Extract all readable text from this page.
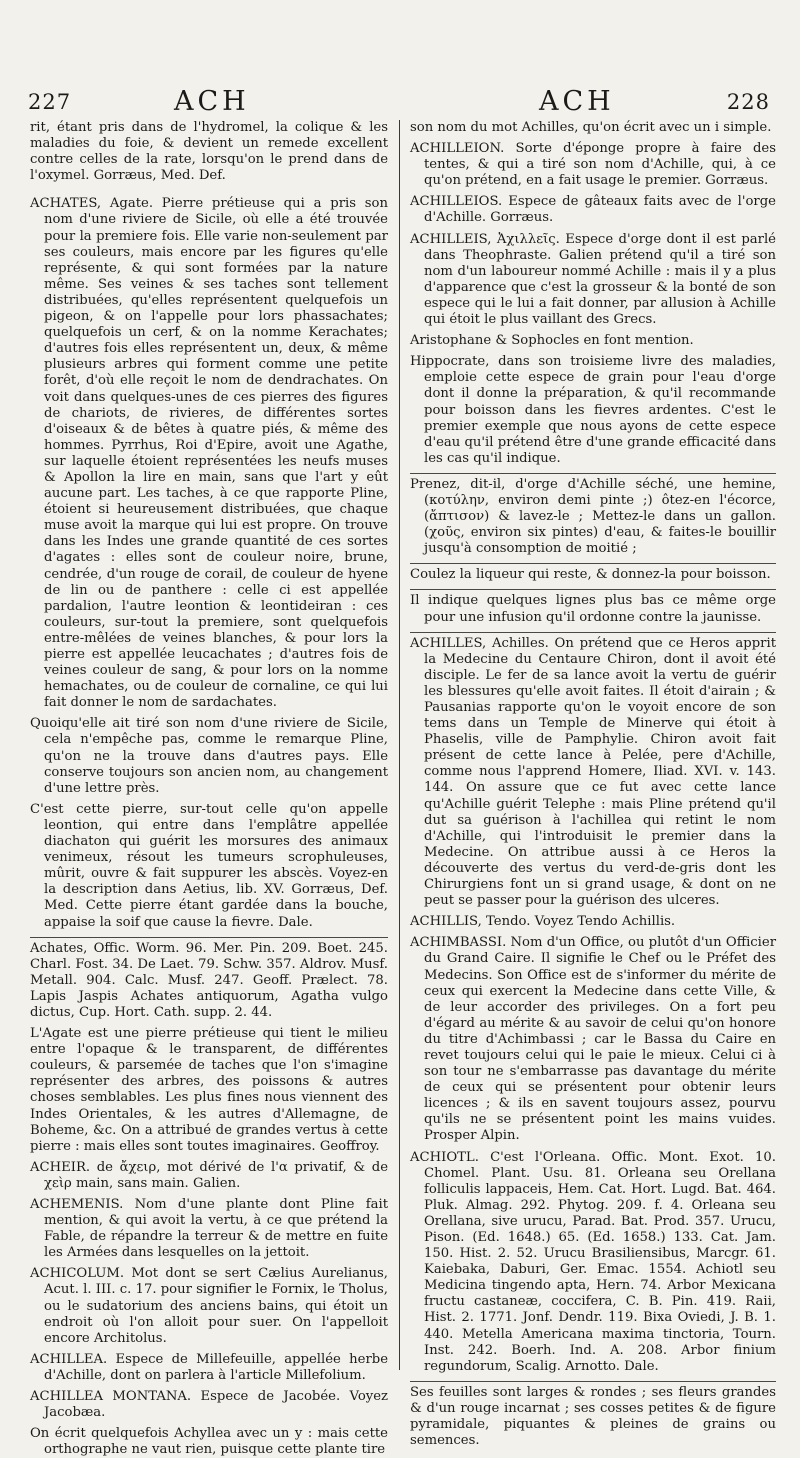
227	ACH	ACH	228

rit, étant pris dans de l'hydromel, la colique & les maladies du foie, & devient un remede excellent contre celles de la rate, lorsqu'on le prend dans de l'oxymel. Gorræus, Med. Def.

ACHATES, Agate. Pierre prétieuse qui a pris son nom d'une riviere de Sicile, où elle a été trouvée pour la premiere fois. Elle varie non-seulement par ses couleurs, mais encore par les figures qu'elle représente, & qui sont formées par la nature même. Ses veines & ses taches sont tellement distribuées, qu'elles représentent quelquefois un pigeon, & on l'appelle pour lors phassachates; quelquefois un cerf, & on la nomme Kerachates; d'autres fois elles représentent un, deux, & même plusieurs arbres qui forment comme une petite forêt, d'où elle reçoit le nom de dendrachates. On voit dans quelques-unes de ces pierres des figures de chariots, de rivieres, de différentes sortes d'oiseaux & de bêtes à quatre piés, & même des hommes. Pyrrhus, Roi d'Epire, avoit une Agathe, sur laquelle étoient représentées les neufs muses & Apollon la lire en main, sans que l'art y eût aucune part. Les taches, à ce que rapporte Pline, étoient si heureusement distribuées, que chaque muse avoit la marque qui lui est propre. On trouve dans les Indes une grande quantité de ces sortes d'agates : elles sont de couleur noire, brune, cendrée, d'un rouge de corail, de couleur de hyene de lin ou de panthere : celle ci est appellée pardalion, l'autre leontion & leontideiran : ces couleurs, sur-tout la premiere, sont quelquefois entre-mêlées de veines blanches, & pour lors la pierre est appellée leucachates ; d'autres fois de veines couleur de sang, & pour lors on la nomme hemachates, ou de couleur de cornaline, ce qui lui fait donner le nom de sardachates.

Quoiqu'elle ait tiré son nom d'une riviere de Sicile, cela n'empêche pas, comme le remarque Pline, qu'on ne la trouve dans d'autres pays. Elle conserve toujours son ancien nom, au changement d'une lettre près.

C'est cette pierre, sur-tout celle qu'on appelle leontion, qui entre dans l'emplâtre appellée diachaton qui guérit les morsures des animaux venimeux, résout les tumeurs scrophuleuses, mûrit, ouvre & fait suppurer les abscès. Voyez-en la description dans Aetius, lib. XV. Gorræus, Def. Med. Cette pierre étant gardée dans la bouche, appaise la soif que cause la fievre. Dale.

Achates, Offic. Worm. 96. Mer. Pin. 209. Boet. 245. Charl. Fost. 34. De Laet. 79. Schw. 357. Aldrov. Musf. Metall. 904. Calc. Musf. 247. Geoff. Prælect. 78. Lapis Jaspis Achates antiquorum, Agatha vulgo dictus, Cup. Hort. Cath. supp. 2. 44.

L'Agate est une pierre prétieuse qui tient le milieu entre l'opaque & le transparent, de différentes couleurs, & parsemée de taches que l'on s'imagine représenter des arbres, des poissons & autres choses semblables. Les plus fines nous viennent des Indes Orientales, & les autres d'Allemagne, de Boheme, &c. On a attribué de grandes vertus à cette pierre : mais elles sont toutes imaginaires. Geoffroy.

ACHEIR. de ἄχειρ, mot dérivé de l'α privatif, & de χεὶρ main, sans main. Galien.

ACHEMENIS. Nom d'une plante dont Pline fait mention, & qui avoit la vertu, à ce que prétend la Fable, de répandre la terreur & de mettre en fuite les Armées dans lesquelles on la jettoit.

ACHICOLUM. Mot dont se sert Cælius Aurelianus, Acut. l. III. c. 17. pour signifier le Fornix, le Tholus, ou le sudatorium des anciens bains, qui étoit un endroit où l'on alloit pour suer. On l'appelloit encore Architolus.

ACHILLEA. Espece de Millefeuille, appellée herbe d'Achille, dont on parlera à l'article Millefolium.

ACHILLEA MONTANA. Espece de Jacobée. Voyez Jacobæa.

On écrit quelquefois Achyllea avec un y : mais cette orthographe ne vaut rien, puisque cette plante tire

son nom du mot Achilles, qu'on écrit avec un i simple.

ACHILLEION. Sorte d'éponge propre à faire des tentes, & qui a tiré son nom d'Achille, qui, à ce qu'on prétend, en a fait usage le premier. Gorræus.

ACHILLEIOS. Espece de gâteaux faits avec de l'orge d'Achille. Gorræus.

ACHILLEIS, Ἀχιλλεῖς. Espece d'orge dont il est parlé dans Theophraste. Galien prétend qu'il a tiré son nom d'un laboureur nommé Achille : mais il y a plus d'apparence que c'est la grosseur & la bonté de son espece qui le lui a fait donner, par allusion à Achille qui étoit le plus vaillant des Grecs.

Aristophane & Sophocles en font mention.

Hippocrate, dans son troisieme livre des maladies, emploie cette espece de grain pour l'eau d'orge dont il donne la préparation, & qu'il recommande pour boisson dans les fievres ardentes. C'est le premier exemple que nous ayons de cette espece d'eau qu'il prétend être d'une grande efficacité dans les cas qu'il indique.

Prenez, dit-il, d'orge d'Achille séché, une hemine, (κοτύλην, environ demi pinte ;) ôtez-en l'écorce, (ἄπτισον) & lavez-le ; Mettez-le dans un gallon. (χοῦς, environ six pintes) d'eau, & faites-le bouillir jusqu'à consomption de moitié ;

Coulez la liqueur qui reste, & donnez-la pour boisson.

Il indique quelques lignes plus bas ce même orge pour une infusion qu'il ordonne contre la jaunisse.

ACHILLES, Achilles. On prétend que ce Heros apprit la Medecine du Centaure Chiron, dont il avoit été disciple. Le fer de sa lance avoit la vertu de guérir les blessures qu'elle avoit faites. Il étoit d'airain ; & Pausanias rapporte qu'on le voyoit encore de son tems dans un Temple de Minerve qui étoit à Phaselis, ville de Pamphylie. Chiron avoit fait présent de cette lance à Pelée, pere d'Achille, comme nous l'apprend Homere, Iliad. XVI. v. 143. 144. On assure que ce fut avec cette lance qu'Achille guérit Telephe : mais Pline prétend qu'il dut sa guérison à l'achillea qui retint le nom d'Achille, qui l'introduisit le premier dans la Medecine. On attribue aussi à ce Heros la découverte des vertus du verd-de-gris dont les Chirurgiens font un si grand usage, & dont on ne peut se passer pour la guérison des ulceres.

ACHILLIS, Tendo. Voyez Tendo Achillis.

ACHIMBASSI. Nom d'un Office, ou plutôt d'un Officier du Grand Caire. Il signifie le Chef ou le Préfet des Medecins. Son Office est de s'informer du mérite de ceux qui exercent la Medecine dans cette Ville, & de leur accorder des privileges. On a fort peu d'égard au mérite & au savoir de celui qu'on honore du titre d'Achimbassi ; car le Bassa du Caire en revet toujours celui qui le paie le mieux. Celui ci à son tour ne s'embarrasse pas davantage du mérite de ceux qui se présentent pour obtenir leurs licences ; & ils en savent toujours assez, pourvu qu'ils ne se présentent point les mains vuides. Prosper Alpin.

ACHIOTL. C'est l'Orleana. Offic. Mont. Exot. 10. Chomel. Plant. Usu. 81. Orleana seu Orellana folliculis lappaceis, Hem. Cat. Hort. Lugd. Bat. 464. Pluk. Almag. 292. Phytog. 209. f. 4. Orleana seu Orellana, sive urucu, Parad. Bat. Prod. 357. Urucu, Pison. (Ed. 1648.) 65. (Ed. 1658.) 133. Cat. Jam. 150. Hist. 2. 52. Urucu Brasiliensibus, Marcgr. 61. Kaiebaka, Daburi, Ger. Emac. 1554. Achiotl seu Medicina tingendo apta, Hern. 74. Arbor Mexicana fructu castaneæ, coccifera, C. B. Pin. 419. Raii, Hist. 2. 1771. Jonf. Dendr. 119. Bixa Oviedi, J. B. 1. 440. Metella Americana maxima tinctoria, Tourn. Inst. 242. Boerh. Ind. A. 208. Arbor finium regundorum, Scalig. Arnotto. Dale.

Ses feuilles sont larges & rondes ; ses fleurs grandes & d'un rouge incarnat ; ses cosses petites & de figure pyramidale, piquantes & pleines de grains ou semences.
